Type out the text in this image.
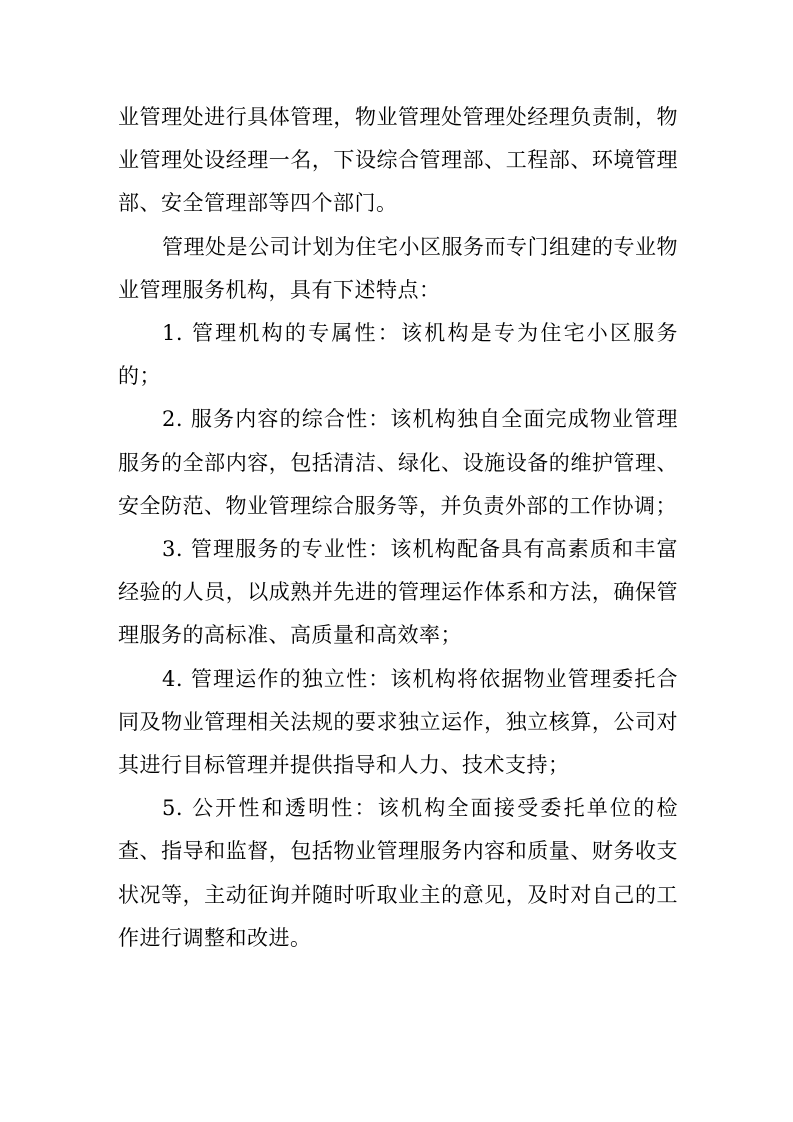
业管理处进行具体管理，物业管理处管理处经理负责制，物业管理处设经理一名，下设综合管理部、工程部、环境管理部、安全管理部等四个部门。

管理处是公司计划为住宅小区服务而专门组建的专业物业管理服务机构，具有下述特点：

1. 管理机构的专属性：该机构是专为住宅小区服务的；

2. 服务内容的综合性：该机构独自全面完成物业管理服务的全部内容，包括清洁、绿化、设施设备的维护管理、安全防范、物业管理综合服务等，并负责外部的工作协调；

3. 管理服务的专业性：该机构配备具有高素质和丰富经验的人员，以成熟并先进的管理运作体系和方法，确保管理服务的高标准、高质量和高效率；

4. 管理运作的独立性：该机构将依据物业管理委托合同及物业管理相关法规的要求独立运作，独立核算，公司对其进行目标管理并提供指导和人力、技术支持；

5. 公开性和透明性：该机构全面接受委托单位的检查、指导和监督，包括物业管理服务内容和质量、财务收支状况等，主动征询并随时听取业主的意见，及时对自己的工作进行调整和改进。
